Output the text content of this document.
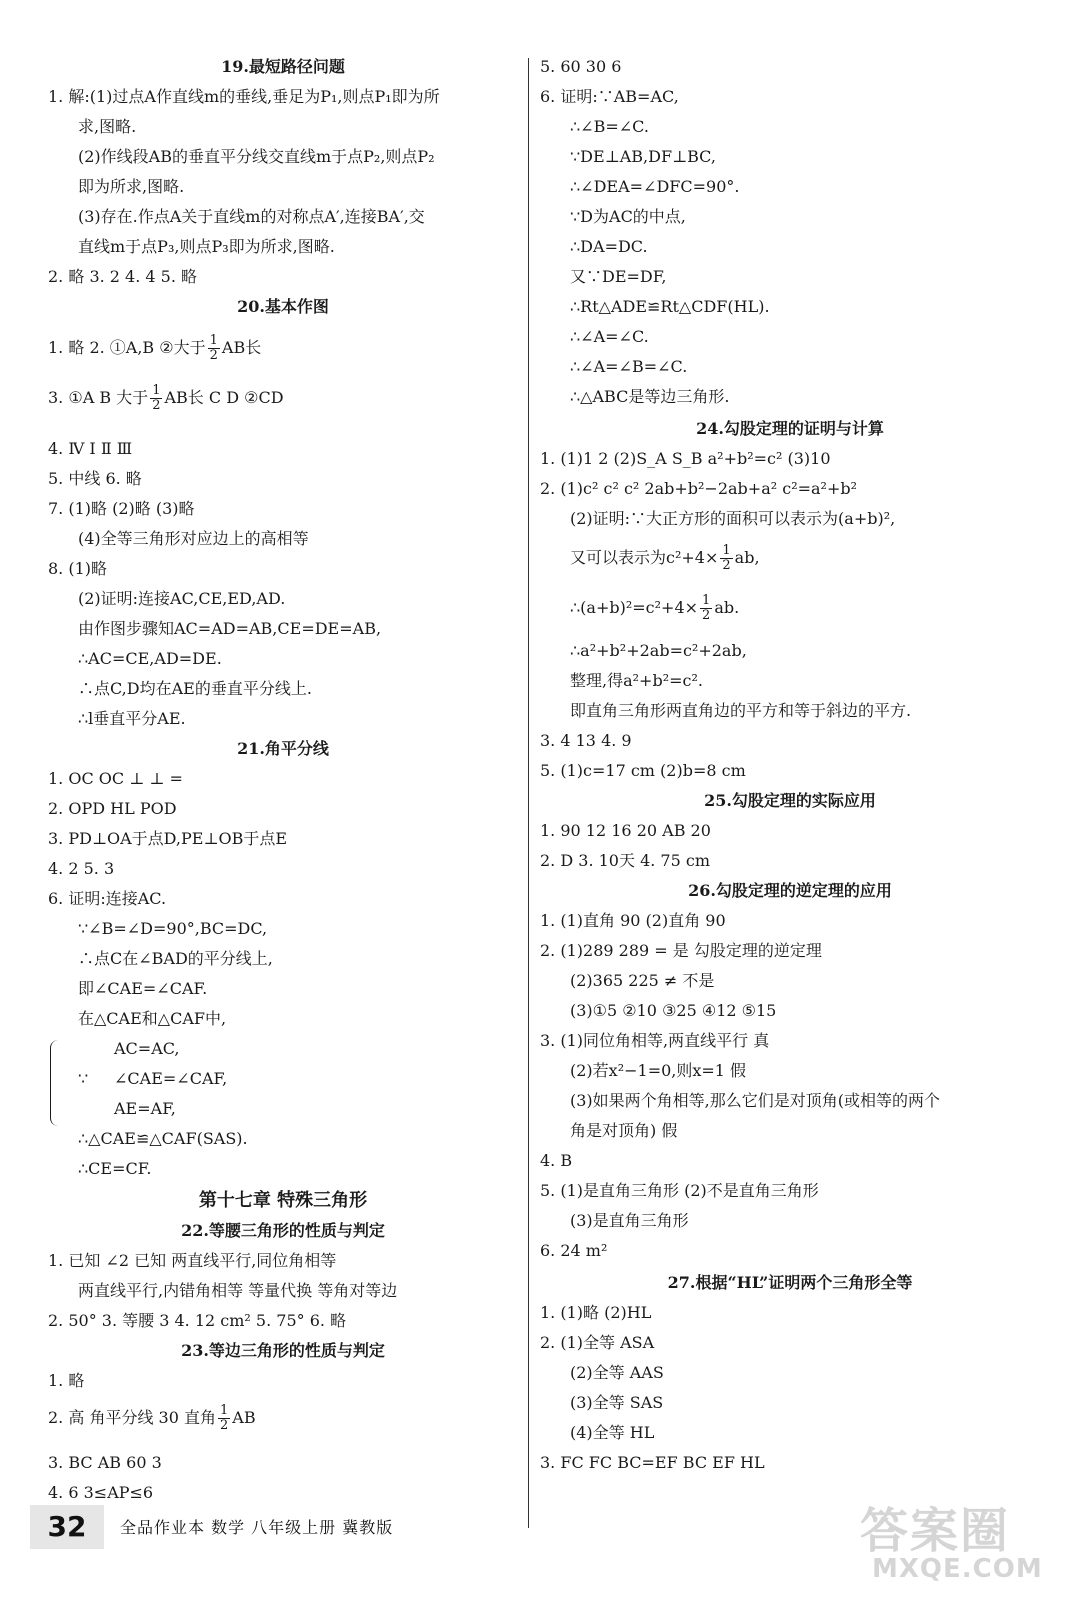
19.最短路径问题
1. 解:(1)过点A作直线m的垂线,垂足为P₁,则点P₁即为所
求,图略.
(2)作线段AB的垂直平分线交直线m于点P₂,则点P₂
即为所求,图略.
(3)存在.作点A关于直线m的对称点A′,连接BA′,交
直线m于点P₃,则点P₃即为所求,图略.
2. 略 3. 2 4. 4 5. 略
20.基本作图
1. 略 2. ①A,B ②大于 $\frac{1}{2}$ AB长
3. ①A B 大于 $\frac{1}{2}$ AB长 C D ②CD
4. Ⅳ Ⅰ Ⅱ Ⅲ
5. 中线 6. 略
7. (1)略 (2)略 (3)略
(4)全等三角形对应边上的高相等
8. (1)略
(2)证明:连接AC,CE,ED,AD.
由作图步骤知AC=AD=AB,CE=DE=AB,
∴AC=CE,AD=DE.
∴点C,D均在AE的垂直平分线上.
∴l垂直平分AE.
21.角平分线
1. OC OC ⊥ ⊥ =
2. OPD HL POD
3. PD⊥OA于点D,PE⊥OB于点E
4. 2 5. 3
6. 证明:连接AC.
∵∠B=∠D=90°,BC=DC,
∴点C在∠BAD的平分线上,
即∠CAE=∠CAF.
在△CAE和△CAF中,
AC=AC,
∵ ∠CAE=∠CAF,
AE=AF,
∴△CAE≌△CAF(SAS).
∴CE=CF.
第十七章 特殊三角形
22.等腰三角形的性质与判定
1. 已知 ∠2 已知 两直线平行,同位角相等
两直线平行,内错角相等 等量代换 等角对等边
2. 50° 3. 等腰 3 4. 12 cm² 5. 75° 6. 略
23.等边三角形的性质与判定
1. 略
2. 高 角平分线 30 直角 $\frac{1}{2}$ AB
3. BC AB 60 3
4. 6 3≤AP≤6
5. 60 30 6
6. 证明:∵AB=AC,
∴∠B=∠C.
∵DE⊥AB,DF⊥BC,
∴∠DEA=∠DFC=90°.
∵D为AC的中点,
∴DA=DC.
又∵DE=DF,
∴Rt△ADE≌Rt△CDF(HL).
∴∠A=∠C.
∴∠A=∠B=∠C.
∴△ABC是等边三角形.
24.勾股定理的证明与计算
1. (1)1 2 (2)S_A S_B a²+b²=c² (3)10
2. (1)c² c² c² 2ab+b²−2ab+a² c²=a²+b²
(2)证明:∵大正方形的面积可以表示为(a+b)²,
又可以表示为$c^2+4\times \frac{1}{2}$ ab,
∴(a+b)²=c²+4× $\frac{1}{2}$ ab.
∴a²+b²+2ab=c²+2ab,
整理,得a²+b²=c².
即直角三角形两直角边的平方和等于斜边的平方.
3. 4 13 4. 9
5. (1)c=17 cm (2)b=8 cm
25.勾股定理的实际应用
1. 90 12 16 20 AB 20
2. D 3. 10天 4. 75 cm
26.勾股定理的逆定理的应用
1. (1)直角 90 (2)直角 90
2. (1)289 289 = 是 勾股定理的逆定理
(2)365 225 ≠ 不是
(3)①5 ②10 ③25 ④12 ⑤15
3. (1)同位角相等,两直线平行 真
(2)若x²−1=0,则x=1 假
(3)如果两个角相等,那么它们是对顶角(或相等的两个
角是对顶角) 假
4. B
5. (1)是直角三角形 (2)不是直角三角形
(3)是直角三角形
6. 24 m²
27.根据“HL”证明两个三角形全等
1. (1)略 (2)HL
2. (1)全等 ASA
(2)全等 AAS
(3)全等 SAS
(4)全等 HL
3. FC FC BC=EF BC EF HL
32	全品作业本 数学 八年级上册 冀教版	答案圈
MXQE.COM
